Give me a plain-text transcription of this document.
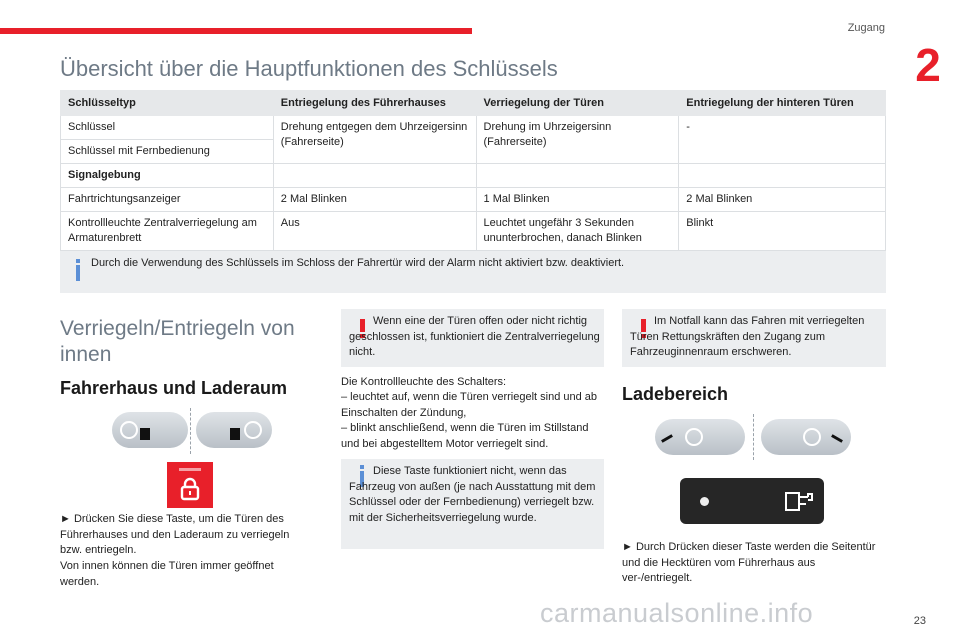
Zugang
2
Übersicht über die Hauptfunktionen des Schlüssels
Schlüsseltyp	Entriegelung des Führerhauses	Verriegelung der Türen	Entriegelung der hinteren Türen
Schlüssel	Drehung entgegen dem Uhrzeigersinn (Fahrerseite)	Drehung im Uhrzeigersinn (Fahrerseite)	-
Schlüssel mit Fernbedienung			
Signalgebung			
Fahrtrichtungsanzeiger	2 Mal Blinken	1 Mal Blinken	2 Mal Blinken
Kontrollleuchte Zentralverriegelung am Armaturenbrett	Aus	Leuchtet ungefähr 3 Sekunden ununterbrochen, danach Blinken	Blinkt
Durch die Verwendung des Schlüssels im Schloss der Fahrertür wird der Alarm nicht aktiviert bzw. deaktiviert.
Verriegeln/Entriegeln von innen
Fahrerhaus und Laderaum
► Drücken Sie diese Taste, um die Türen des Führerhauses und den Laderaum zu verriegeln bzw. entriegeln.
Von innen können die Türen immer geöffnet werden.
Wenn eine der Türen offen oder nicht richtig geschlossen ist, funktioniert die Zentralverriegelung nicht.
Die Kontrollleuchte des Schalters:
– leuchtet auf, wenn die Türen verriegelt sind und ab Einschalten der Zündung,
– blinkt anschließend, wenn die Türen im Stillstand und bei abgestelltem Motor verriegelt sind.
Diese Taste funktioniert nicht, wenn das Fahrzeug von außen (je nach Ausstattung mit dem Schlüssel oder der Fernbedienung) verriegelt bzw. mit der Sicherheitsverriegelung wurde.
Im Notfall kann das Fahren mit verriegelten Türen Rettungskräften den Zugang zum Fahrzeuginnenraum erschweren.
Ladebereich
► Durch Drücken dieser Taste werden die Seitentür und die Hecktüren vom Führerhaus aus ver-/entriegelt.
carmanualsonline.info	23
